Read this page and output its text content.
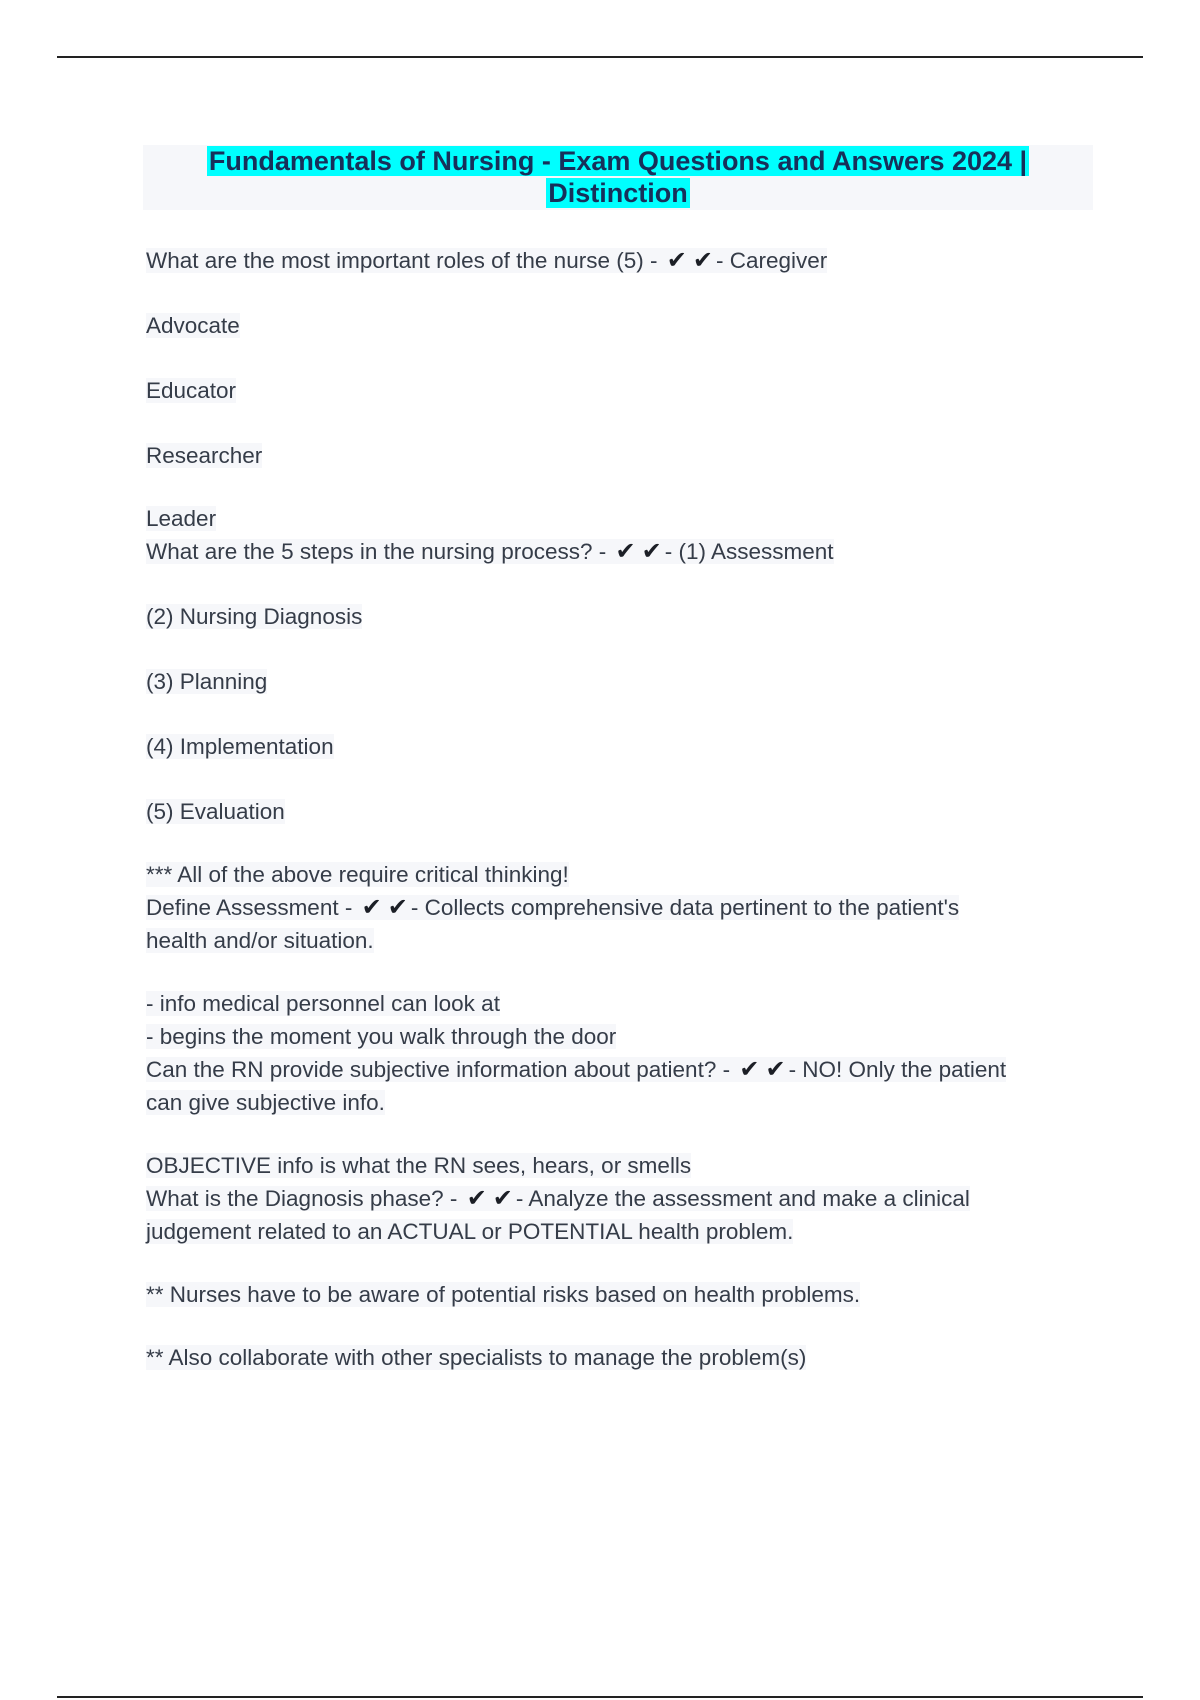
Fundamentals of Nursing - Exam Questions and Answers 2024 |
Distinction
What are the most important roles of the nurse (5) - ✔ ✔ - Caregiver
Advocate
Educator
Researcher
Leader
What are the 5 steps in the nursing process? - ✔ ✔ - (1) Assessment
(2) Nursing Diagnosis
(3) Planning
(4) Implementation
(5) Evaluation
*** All of the above require critical thinking!
Define Assessment - ✔ ✔ - Collects comprehensive data pertinent to the patient's
health and/or situation.
- info medical personnel can look at
- begins the moment you walk through the door
Can the RN provide subjective information about patient? - ✔ ✔ - NO! Only the patient
can give subjective info.
OBJECTIVE info is what the RN sees, hears, or smells
What is the Diagnosis phase? - ✔ ✔ - Analyze the assessment and make a clinical
judgement related to an ACTUAL or POTENTIAL health problem.
** Nurses have to be aware of potential risks based on health problems.
** Also collaborate with other specialists to manage the problem(s)
